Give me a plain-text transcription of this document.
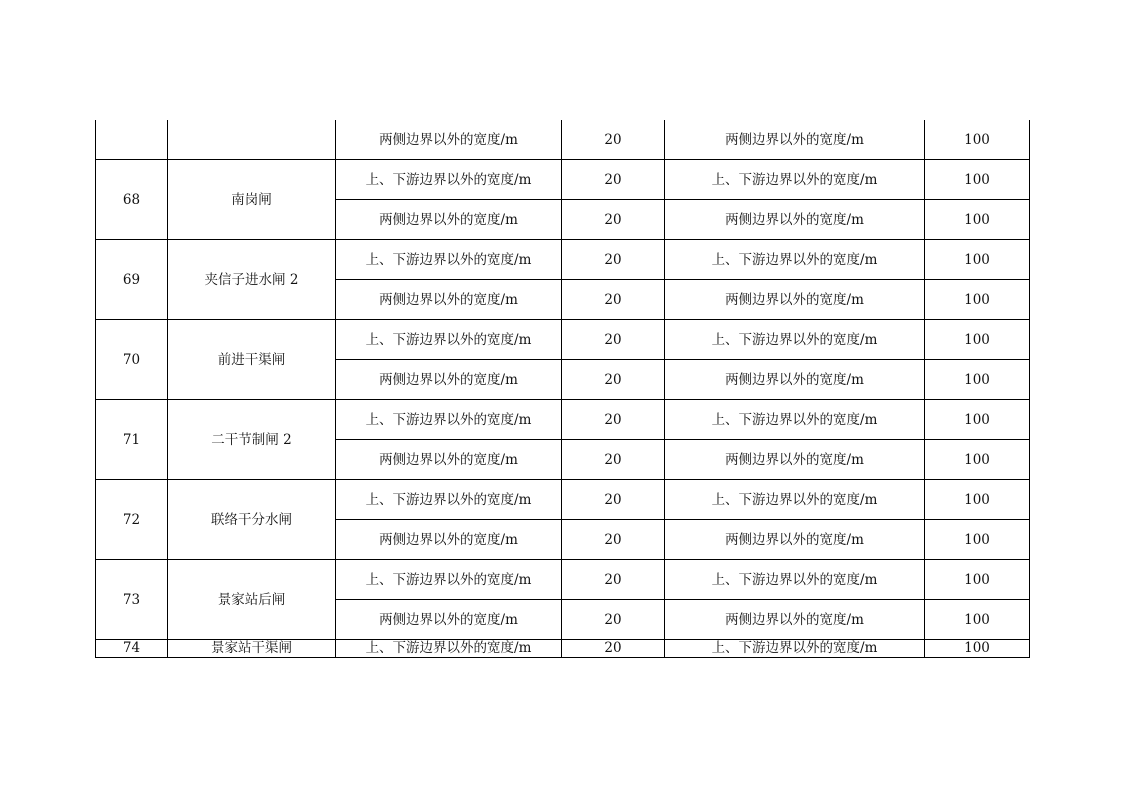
		两侧边界以外的宽度/m	20	两侧边界以外的宽度/m	100
68	南岗闸	上、下游边界以外的宽度/m	20	上、下游边界以外的宽度/m	100
		两侧边界以外的宽度/m	20	两侧边界以外的宽度/m	100
69	夹信子进水闸 2	上、下游边界以外的宽度/m	20	上、下游边界以外的宽度/m	100
		两侧边界以外的宽度/m	20	两侧边界以外的宽度/m	100
70	前进干渠闸	上、下游边界以外的宽度/m	20	上、下游边界以外的宽度/m	100
		两侧边界以外的宽度/m	20	两侧边界以外的宽度/m	100
71	二干节制闸 2	上、下游边界以外的宽度/m	20	上、下游边界以外的宽度/m	100
		两侧边界以外的宽度/m	20	两侧边界以外的宽度/m	100
72	联络干分水闸	上、下游边界以外的宽度/m	20	上、下游边界以外的宽度/m	100
		两侧边界以外的宽度/m	20	两侧边界以外的宽度/m	100
73	景家站后闸	上、下游边界以外的宽度/m	20	上、下游边界以外的宽度/m	100
		两侧边界以外的宽度/m	20	两侧边界以外的宽度/m	100
74	景家站干渠闸	上、下游边界以外的宽度/m	20	上、下游边界以外的宽度/m	100
